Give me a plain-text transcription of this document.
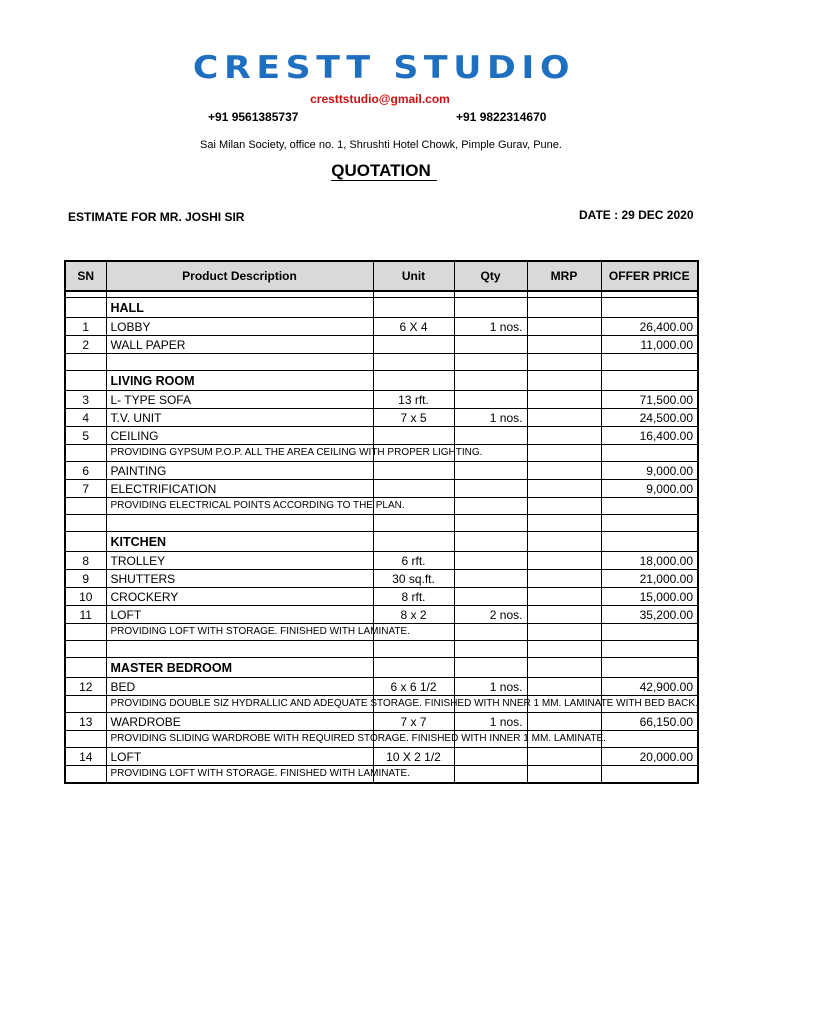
CRESTT STUDIO
cresttstudio@gmail.com
+91 9561385737	+91 9822314670
Sai Milan Society, office no. 1, Shrushti Hotel Chowk, Pimple Gurav, Pune.
QUOTATION
ESTIMATE FOR MR. JOSHI SIR	DATE : 29 DEC 2020
SN	Product Description	Unit	Qty	MRP	OFFER PRICE

	HALL				
1	LOBBY	6 X 4	1 nos.		26,400.00
2	WALL PAPER				11,000.00

	LIVING ROOM				
3	L- TYPE SOFA	13 rft.			71,500.00
4	T.V. UNIT	7 x 5	1 nos.		24,500.00
5	CEILING				16,400.00
	PROVIDING GYPSUM P.O.P. ALL THE AREA CEILING WITH PROPER LIGHTING.				
6	PAINTING				9,000.00
7	ELECTRIFICATION				9,000.00
	PROVIDING ELECTRICAL POINTS ACCORDING TO THE PLAN.				

	KITCHEN				
8	TROLLEY	6 rft.			18,000.00
9	SHUTTERS	30 sq.ft.			21,000.00
10	CROCKERY	8 rft.			15,000.00
11	LOFT	8 x 2	2 nos.		35,200.00
	PROVIDING LOFT WITH STORAGE. FINISHED WITH LAMINATE.				

	MASTER BEDROOM				
12	BED	6 x 6 1/2	1 nos.		42,900.00
	PROVIDING DOUBLE SIZ HYDRALLIC AND ADEQUATE STORAGE. FINISHED WITH NNER 1 MM. LAMINATE WITH BED BACK.				
13	WARDROBE	7 x 7	1 nos.		66,150.00
	PROVIDING SLIDING WARDROBE WITH REQUIRED STORAGE. FINISHED WITH INNER 1 MM. LAMINATE.				
14	LOFT	10 X 2 1/2			20,000.00
	PROVIDING LOFT WITH STORAGE. FINISHED WITH LAMINATE.				
